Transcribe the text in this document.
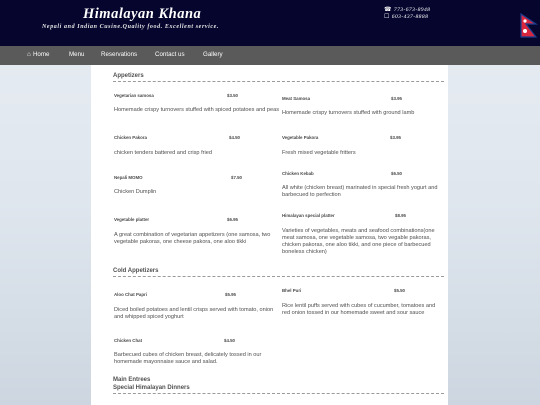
Himalayan Khana
Nepali and Indian Cusine.Quality food. Excellent service.
☎ 773-673-8948
☐ 603-437-8888
⌂ Home	Menu	Reservations	Contact us	Gallery
Appetizers
Vegetarian samosa	$3.50
Homemade crispy turnovers stuffed with spiced potatoes and peas
Meat Samosa	$3.95
Homemade crispy turnovers stuffed with ground lamb
Chicken Pakora	$4.50
chicken tenders battered and crisp fried
Vegetable Pakora	$3.95
Fresh mixed vegetable fritters
Nepali MOMO	$7.50
Chicken Dumplin
Chicken Kebab	$6.50
All white (chicken breast) marinated in special fresh yogurt and barbecued to perfection
Vegetable platter	$6.95
A great combination of vegetarian appetizers (one samosa, two vegetable pakoras, one cheese pakora, one aloo tikki
Himalayan special platter	$8.95
Varieties of vegetables, meats and seafood combinations(one meat samosa, one vegetable samosa, two vegable pakoras, chicken pakoras, one aloo tikki, and one piece of barbecued boneless chicken)
Cold Appetizers
Aloo Chat Papri	$5.95
Diced boiled potatoes and lentil crisps served with tomato, onion and whipped spiced yoghurt
Bhel Puri	$5.50
Rice lentil puffs served with cubes of cucumber, tomatoes and red onion tossed in our homemade sweet and sour sauce
Chicken Chat	$4.50
Barbecued cubes of chicken breast, delicately tossed in our homemade mayonnaise sauce and salad.
Main Entrees
Special Himalayan Dinners
